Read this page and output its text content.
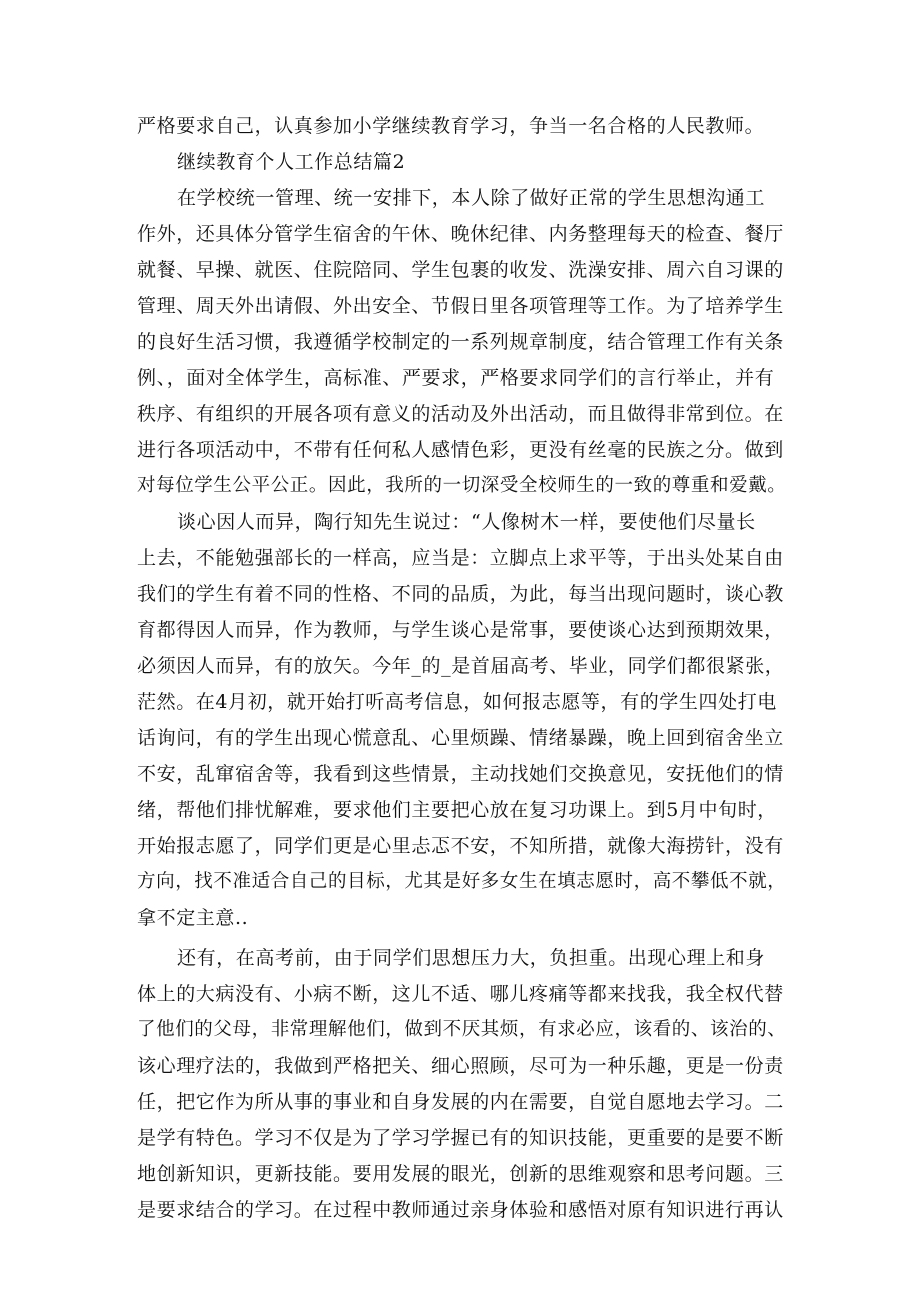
严格要求自己，认真参加小学继续教育学习，争当一名合格的人民教师。
继续教育个人工作总结篇2
在学校统一管理、统一安排下，本人除了做好正常的学生思想沟通工
作外，还具体分管学生宿舍的午休、晚休纪律、内务整理每天的检查、餐厅
就餐、早操、就医、住院陪同、学生包裹的收发、洗澡安排、周六自习课的
管理、周天外出请假、外出安全、节假日里各项管理等工作。为了培养学生
的良好生活习惯，我遵循学校制定的一系列规章制度，结合管理工作有关条
例、，面对全体学生，高标准、严要求，严格要求同学们的言行举止，并有
秩序、有组织的开展各项有意义的活动及外出活动，而且做得非常到位。在
进行各项活动中，不带有任何私人感情色彩，更没有丝毫的民族之分。做到
对每位学生公平公正。因此，我所的一切深受全校师生的一致的尊重和爱戴。
谈心因人而异，陶行知先生说过：“人像树木一样，要使他们尽量长
上去，不能勉强部长的一样高，应当是：立脚点上求平等，于出头处某自由
我们的学生有着不同的性格、不同的品质，为此，每当出现问题时，谈心教
育都得因人而异，作为教师，与学生谈心是常事，要使谈心达到预期效果，
必须因人而异，有的放矢。今年_的_是首届高考、毕业，同学们都很紧张，
茫然。在4月初，就开始打听高考信息，如何报志愿等，有的学生四处打电
话询问，有的学生出现心慌意乱、心里烦躁、情绪暴躁，晚上回到宿舍坐立
不安，乱窜宿舍等，我看到这些情景，主动找她们交换意见，安抚他们的情
绪，帮他们排忧解难，要求他们主要把心放在复习功课上。到5月中旬时，
开始报志愿了，同学们更是心里忐忑不安，不知所措，就像大海捞针，没有
方向，找不准适合自己的目标，尤其是好多女生在填志愿时，高不攀低不就，
拿不定主意..
还有，在高考前，由于同学们思想压力大，负担重。出现心理上和身
体上的大病没有、小病不断，这儿不适、哪儿疼痛等都来找我，我全权代替
了他们的父母，非常理解他们，做到不厌其烦，有求必应，该看的、该治的、
该心理疗法的，我做到严格把关、细心照顾，尽可为一种乐趣，更是一份责
任，把它作为所从事的事业和自身发展的内在需要，自觉自愿地去学习。二
是学有特色。学习不仅是为了学习学握已有的知识技能，更重要的是要不断
地创新知识，更新技能。要用发展的眼光，创新的思维观察和思考问题。三
是要求结合的学习。在过程中教师通过亲身体验和感悟对原有知识进行再认
